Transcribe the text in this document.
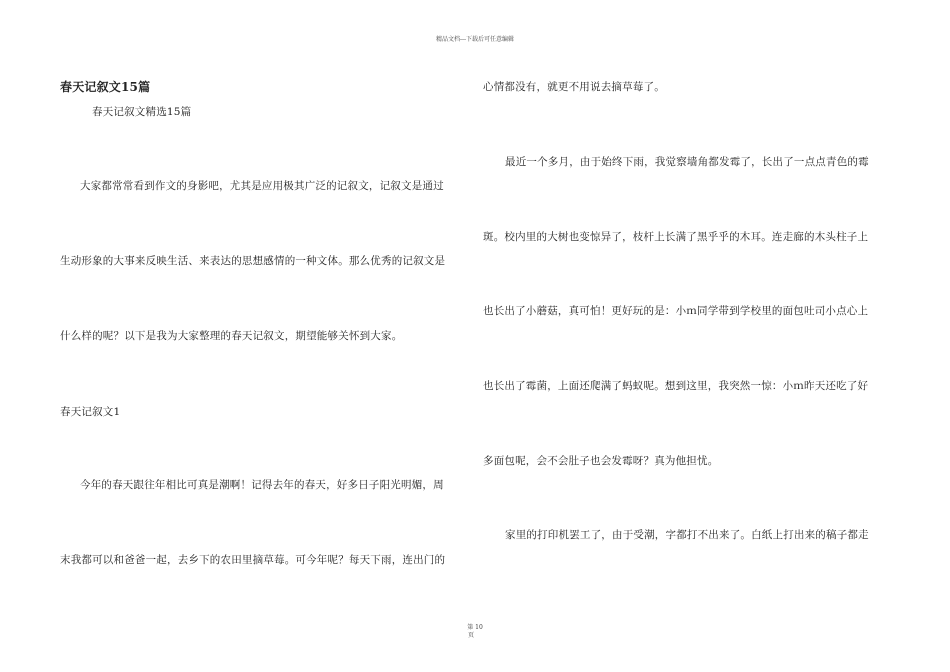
精品文档---下载后可任意编辑
春天记叙文15篇
春天记叙文精选15篇
大家都常常看到作文的身影吧，尤其是应用极其广泛的记叙文，记叙文是通过
生动形象的大事来反映生活、来表达的思想感情的一种文体。那么优秀的记叙文是
什么样的呢？以下是我为大家整理的春天记叙文，期望能够关怀到大家。
春天记叙文1
今年的春天跟往年相比可真是潮啊！记得去年的春天，好多日子阳光明媚，周
末我都可以和爸爸一起，去乡下的农田里摘草莓。可今年呢？每天下雨，连出门的
心情都没有，就更不用说去摘草莓了。
最近一个多月，由于始终下雨，我觉察墙角都发霉了，长出了一点点青色的霉
斑。校内里的大树也变惊异了，枝杆上长满了黑乎乎的木耳。连走廊的木头柱子上
也长出了小蘑菇，真可怕！更好玩的是：小ｍ同学带到学校里的面包吐司小点心上
也长出了霉菌，上面还爬满了蚂蚁呢。想到这里，我突然一惊：小ｍ昨天还吃了好
多面包呢，会不会肚子也会发霉呀？真为他担忧。
家里的打印机罢工了，由于受潮，字都打不出来了。白纸上打出来的稿子都走
第 10
页
